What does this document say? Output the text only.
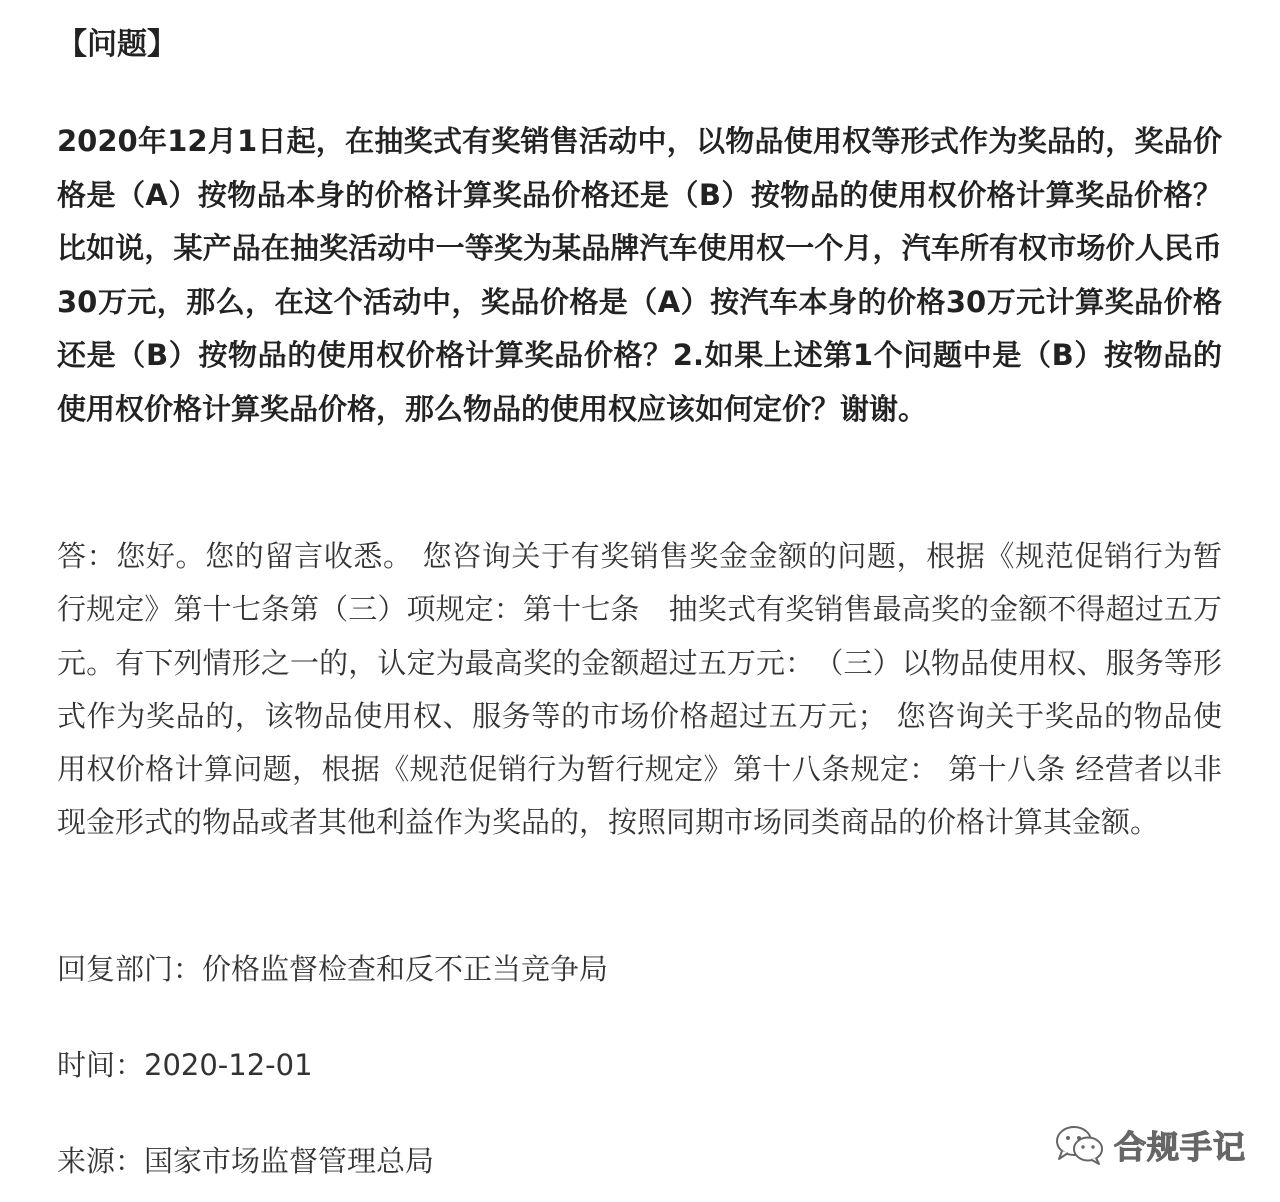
【问题】
2020年12月1日起，在抽奖式有奖销售活动中，以物品使用权等形式作为奖品的，奖品价格是（A）按物品本身的价格计算奖品价格还是（B）按物品的使用权价格计算奖品价格？比如说，某产品在抽奖活动中一等奖为某品牌汽车使用权一个月，汽车所有权市场价人民币30万元，那么，在这个活动中，奖品价格是（A）按汽车本身的价格30万元计算奖品价格还是（B）按物品的使用权价格计算奖品价格？2.如果上述第1个问题中是（B）按物品的使用权价格计算奖品价格，那么物品的使用权应该如何定价？谢谢。
答：您好。您的留言收悉。 您咨询关于有奖销售奖金金额的问题，根据《规范促销行为暂行规定》第十七条第（三）项规定：第十七条　抽奖式有奖销售最高奖的金额不得超过五万元。有下列情形之一的，认定为最高奖的金额超过五万元：　（三）以物品使用权、服务等形式作为奖品的，该物品使用权、服务等的市场价格超过五万元； 您咨询关于奖品的物品使用权价格计算问题，根据《规范促销行为暂行规定》第十八条规定： 第十八条 经营者以非现金形式的物品或者其他利益作为奖品的，按照同期市场同类商品的价格计算其金额。
回复部门：价格监督检查和反不正当竞争局
时间：2020-12-01
来源：国家市场监督管理总局	合规手记
